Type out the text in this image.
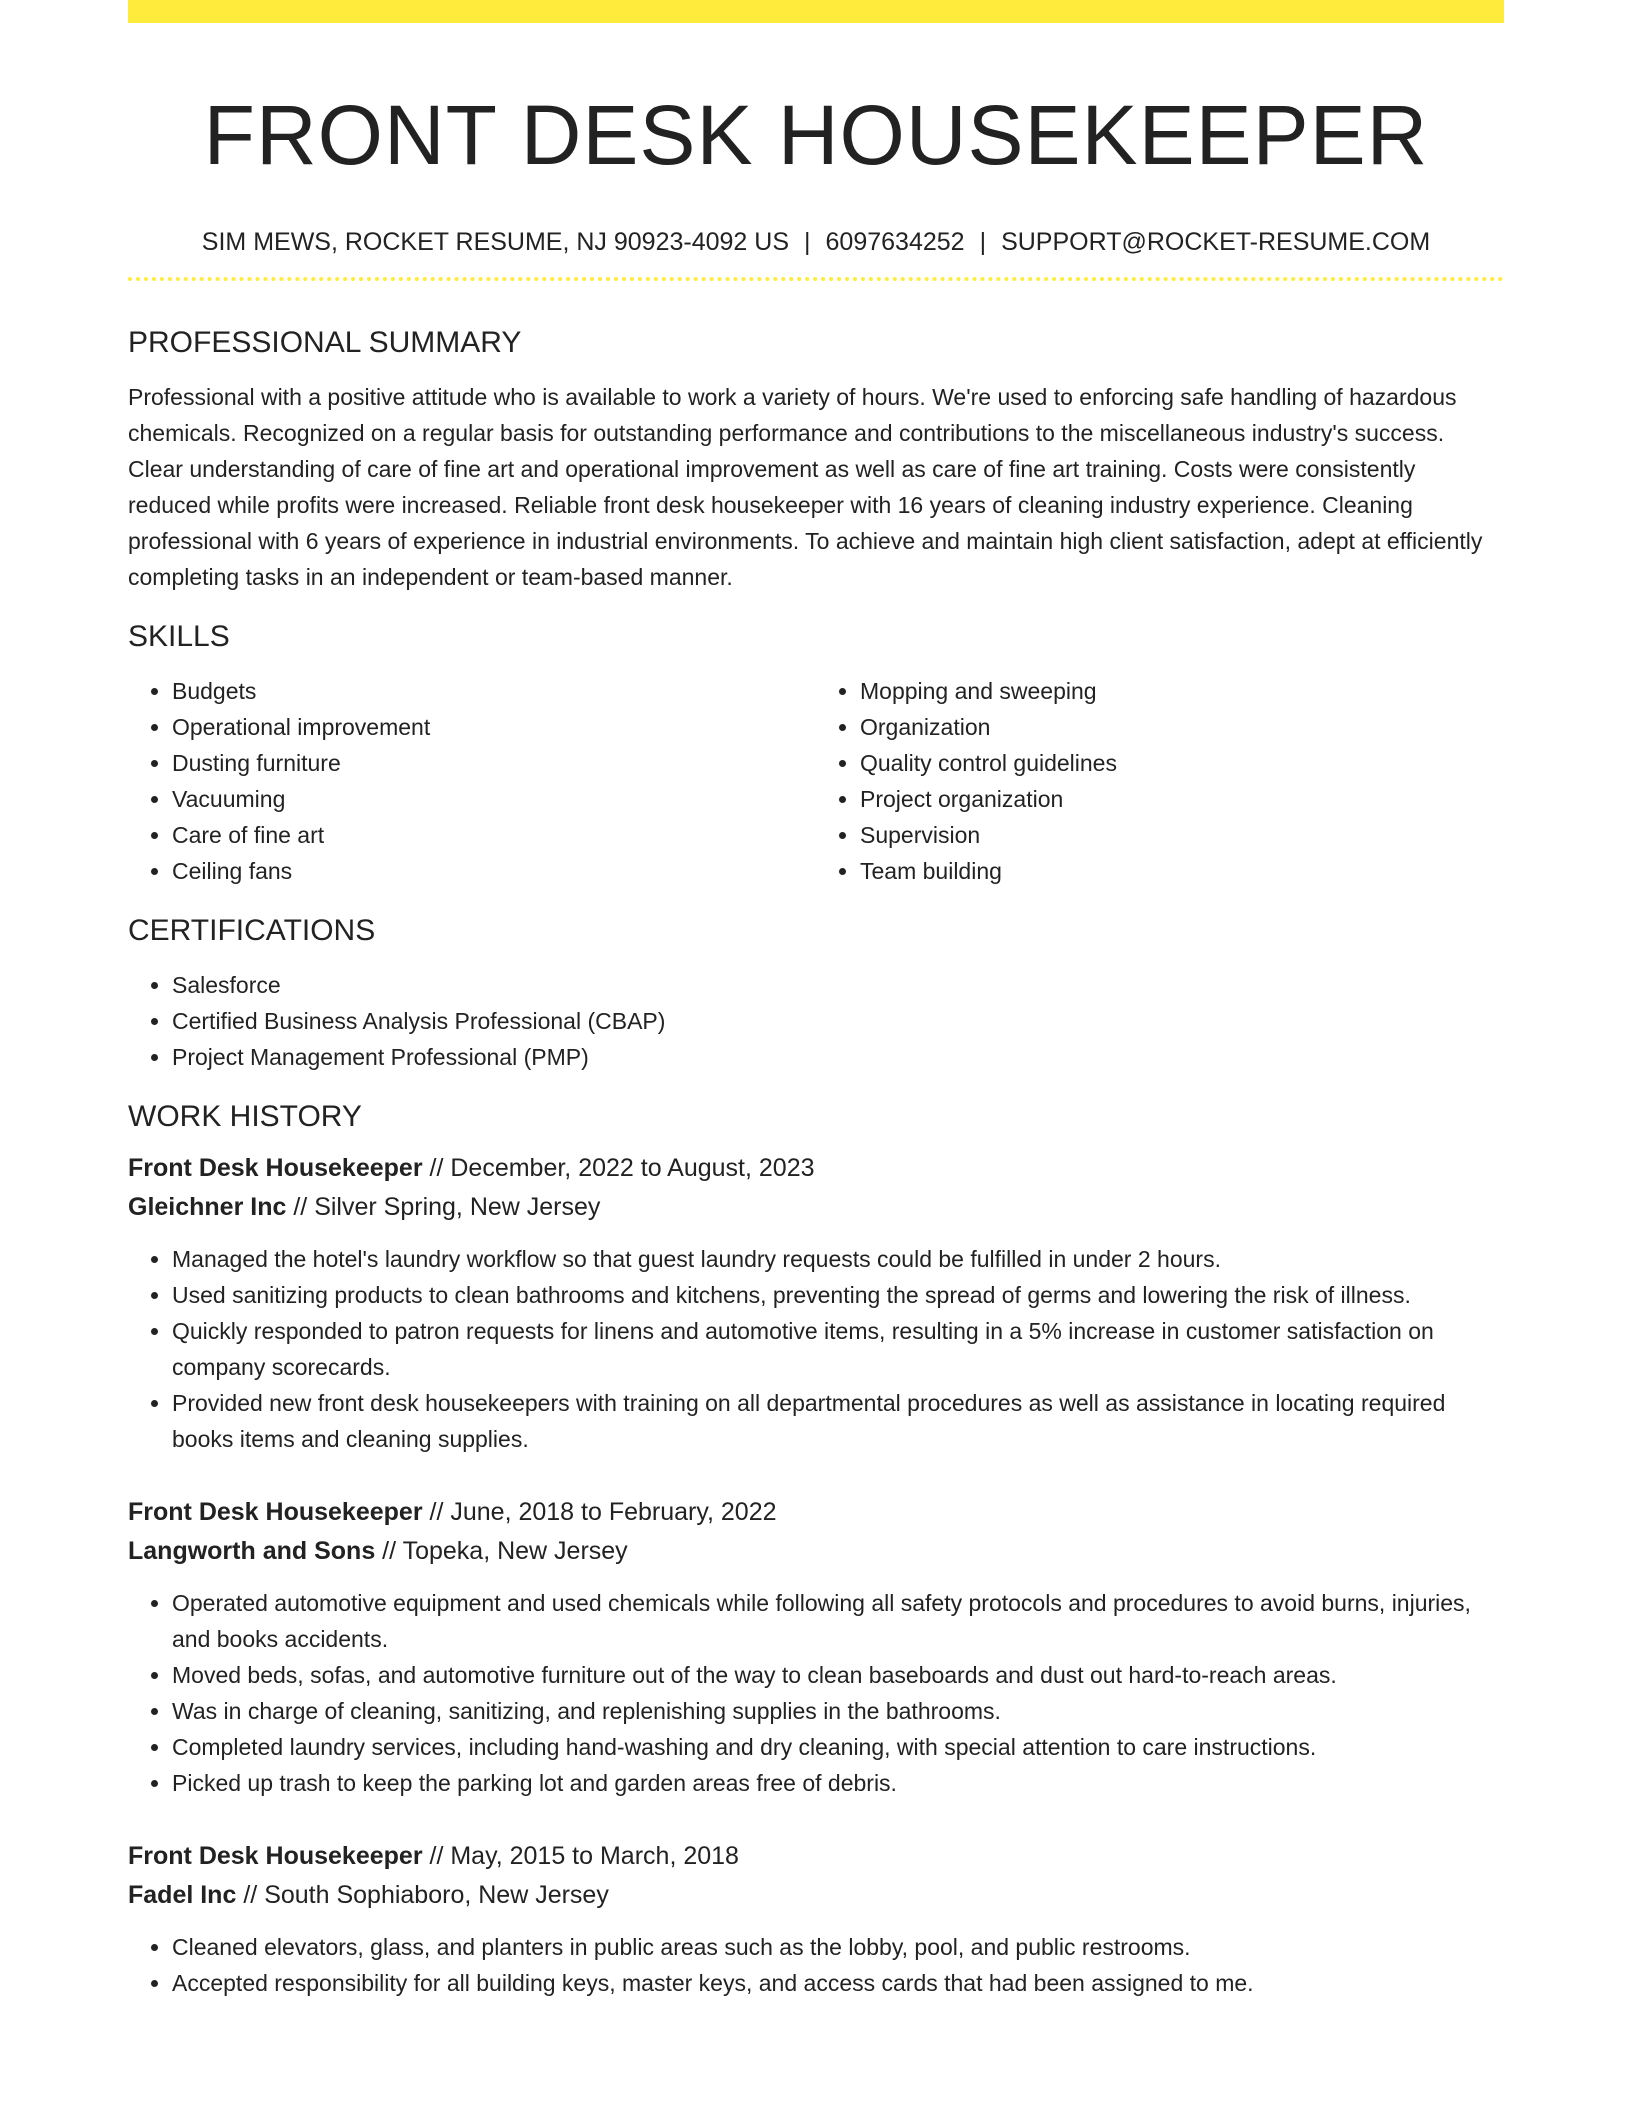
FRONT DESK HOUSEKEEPER
SIM MEWS, ROCKET RESUME, NJ 90923-4092 US | 6097634252 | SUPPORT@ROCKET-RESUME.COM
PROFESSIONAL SUMMARY

Professional with a positive attitude who is available to work a variety of hours. We're used to enforcing safe handling of hazardous chemicals. Recognized on a regular basis for outstanding performance and contributions to the miscellaneous industry's success. Clear understanding of care of fine art and operational improvement as well as care of fine art training. Costs were consistently reduced while profits were increased. Reliable front desk housekeeper with 16 years of cleaning industry experience. Cleaning professional with 6 years of experience in industrial environments. To achieve and maintain high client satisfaction, adept at efficiently completing tasks in an independent or team-based manner.

SKILLS
• Budgets
• Operational improvement
• Dusting furniture
• Vacuuming
• Care of fine art
• Ceiling fans
• Mopping and sweeping
• Organization
• Quality control guidelines
• Project organization
• Supervision
• Team building
CERTIFICATIONS
• Salesforce
• Certified Business Analysis Professional (CBAP)
• Project Management Professional (PMP)
WORK HISTORY
Front Desk Housekeeper // December, 2022 to August, 2023
Gleichner Inc // Silver Spring, New Jersey
• Managed the hotel's laundry workflow so that guest laundry requests could be fulfilled in under 2 hours.
• Used sanitizing products to clean bathrooms and kitchens, preventing the spread of germs and lowering the risk of illness.
• Quickly responded to patron requests for linens and automotive items, resulting in a 5% increase in customer satisfaction on company scorecards.
• Provided new front desk housekeepers with training on all departmental procedures as well as assistance in locating required books items and cleaning supplies.
Front Desk Housekeeper // June, 2018 to February, 2022
Langworth and Sons // Topeka, New Jersey
• Operated automotive equipment and used chemicals while following all safety protocols and procedures to avoid burns, injuries, and books accidents.
• Moved beds, sofas, and automotive furniture out of the way to clean baseboards and dust out hard-to-reach areas.
• Was in charge of cleaning, sanitizing, and replenishing supplies in the bathrooms.
• Completed laundry services, including hand-washing and dry cleaning, with special attention to care instructions.
• Picked up trash to keep the parking lot and garden areas free of debris.
Front Desk Housekeeper // May, 2015 to March, 2018
Fadel Inc // South Sophiaboro, New Jersey
• Cleaned elevators, glass, and planters in public areas such as the lobby, pool, and public restrooms.
• Accepted responsibility for all building keys, master keys, and access cards that had been assigned to me.
